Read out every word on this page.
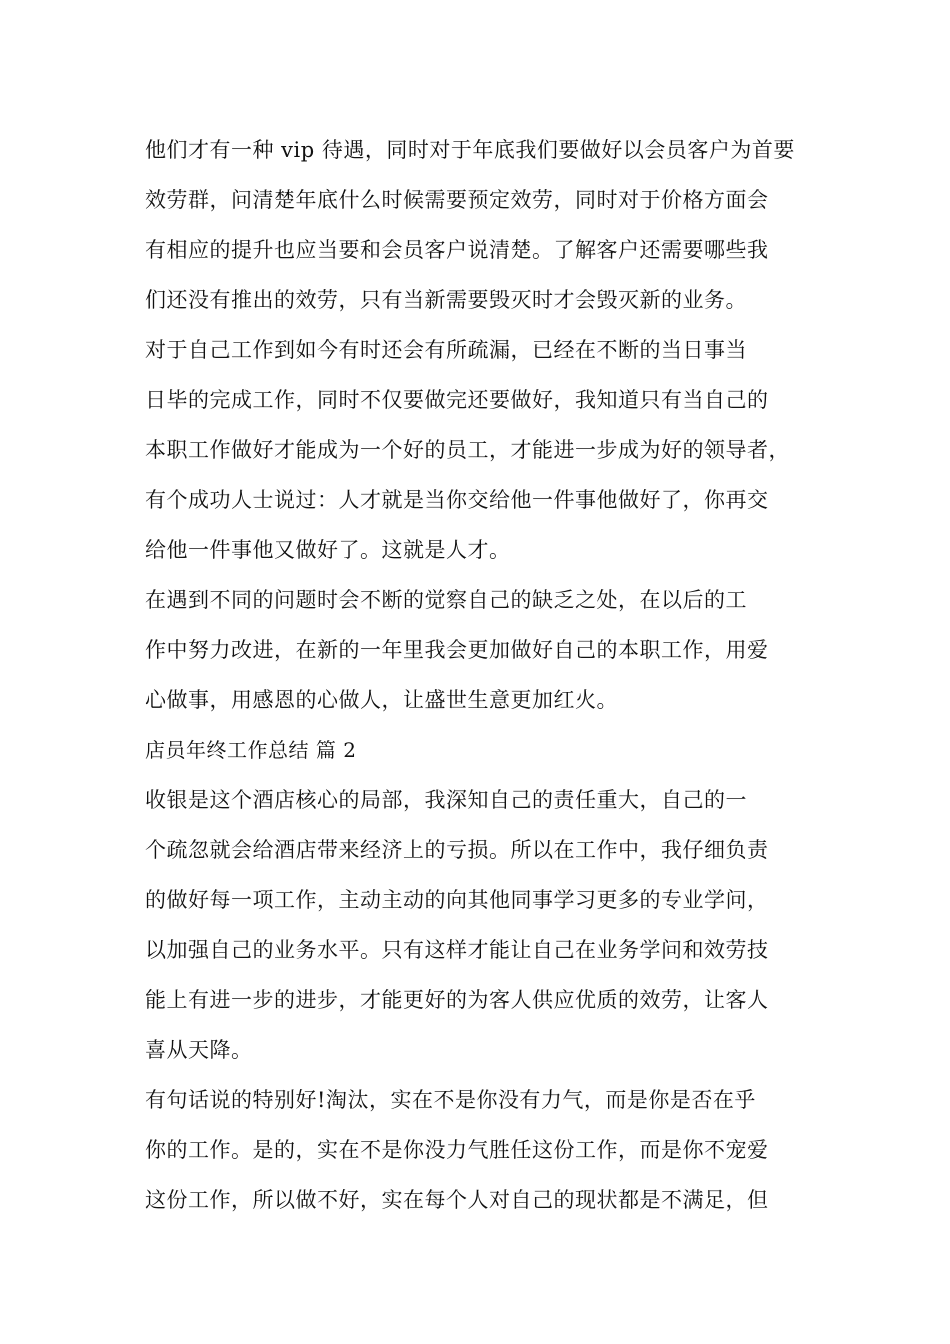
他们才有一种 vip 待遇，同时对于年底我们要做好以会员客户为首要
效劳群，问清楚年底什么时候需要预定效劳，同时对于价格方面会
有相应的提升也应当要和会员客户说清楚。了解客户还需要哪些我
们还没有推出的效劳，只有当新需要毁灭时才会毁灭新的业务。
对于自己工作到如今有时还会有所疏漏，已经在不断的当日事当
日毕的完成工作，同时不仅要做完还要做好，我知道只有当自己的
本职工作做好才能成为一个好的员工，才能进一步成为好的领导者，
有个成功人士说过：人才就是当你交给他一件事他做好了，你再交
给他一件事他又做好了。这就是人才。
在遇到不同的问题时会不断的觉察自己的缺乏之处，在以后的工
作中努力改进，在新的一年里我会更加做好自己的本职工作，用爱
心做事，用感恩的心做人，让盛世生意更加红火。
店员年终工作总结 篇 2
收银是这个酒店核心的局部，我深知自己的责任重大，自己的一
个疏忽就会给酒店带来经济上的亏损。所以在工作中，我仔细负责
的做好每一项工作，主动主动的向其他同事学习更多的专业学问，
以加强自己的业务水平。只有这样才能让自己在业务学问和效劳技
能上有进一步的进步，才能更好的为客人供应优质的效劳，让客人
喜从天降。
有句话说的特别好!淘汰，实在不是你没有力气，而是你是否在乎
你的工作。是的，实在不是你没力气胜任这份工作，而是你不宠爱
这份工作，所以做不好，实在每个人对自己的现状都是不满足，但
